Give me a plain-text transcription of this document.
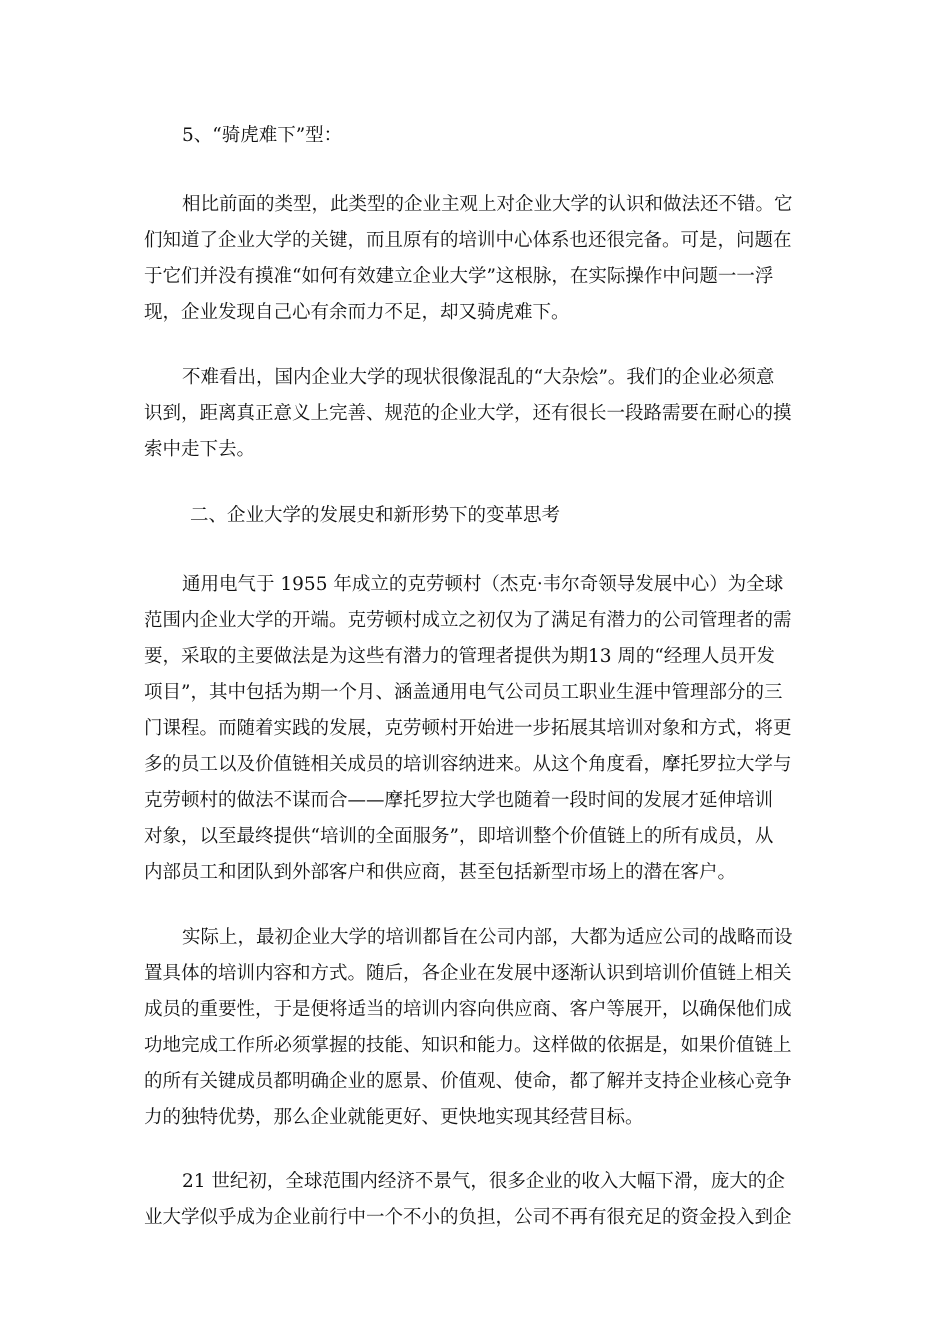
5、“骑虎难下”型：
相比前面的类型，此类型的企业主观上对企业大学的认识和做法还不错。它
们知道了企业大学的关键，而且原有的培训中心体系也还很完备。可是，问题在
于它们并没有摸准“如何有效建立企业大学”这根脉，在实际操作中问题一一浮
现，企业发现自己心有余而力不足，却又骑虎难下。
不难看出，国内企业大学的现状很像混乱的“大杂烩”。我们的企业必须意
识到，距离真正意义上完善、规范的企业大学，还有很长一段路需要在耐心的摸
索中走下去。
二、企业大学的发展史和新形势下的变革思考
通用电气于 1955 年成立的克劳顿村（杰克·韦尔奇领导发展中心）为全球
范围内企业大学的开端。克劳顿村成立之初仅为了满足有潜力的公司管理者的需
要，采取的主要做法是为这些有潜力的管理者提供为期13 周的“经理人员开发
项目”，其中包括为期一个月、涵盖通用电气公司员工职业生涯中管理部分的三
门课程。而随着实践的发展，克劳顿村开始进一步拓展其培训对象和方式，将更
多的员工以及价值链相关成员的培训容纳进来。从这个角度看，摩托罗拉大学与
克劳顿村的做法不谋而合——摩托罗拉大学也随着一段时间的发展才延伸培训
对象，以至最终提供“培训的全面服务”，即培训整个价值链上的所有成员，从
内部员工和团队到外部客户和供应商，甚至包括新型市场上的潜在客户。
实际上，最初企业大学的培训都旨在公司内部，大都为适应公司的战略而设
置具体的培训内容和方式。随后，各企业在发展中逐渐认识到培训价值链上相关
成员的重要性，于是便将适当的培训内容向供应商、客户等展开，以确保他们成
功地完成工作所必须掌握的技能、知识和能力。这样做的依据是，如果价值链上
的所有关键成员都明确企业的愿景、价值观、使命，都了解并支持企业核心竞争
力的独特优势，那么企业就能更好、更快地实现其经营目标。
21 世纪初，全球范围内经济不景气，很多企业的收入大幅下滑，庞大的企
业大学似乎成为企业前行中一个不小的负担，公司不再有很充足的资金投入到企
